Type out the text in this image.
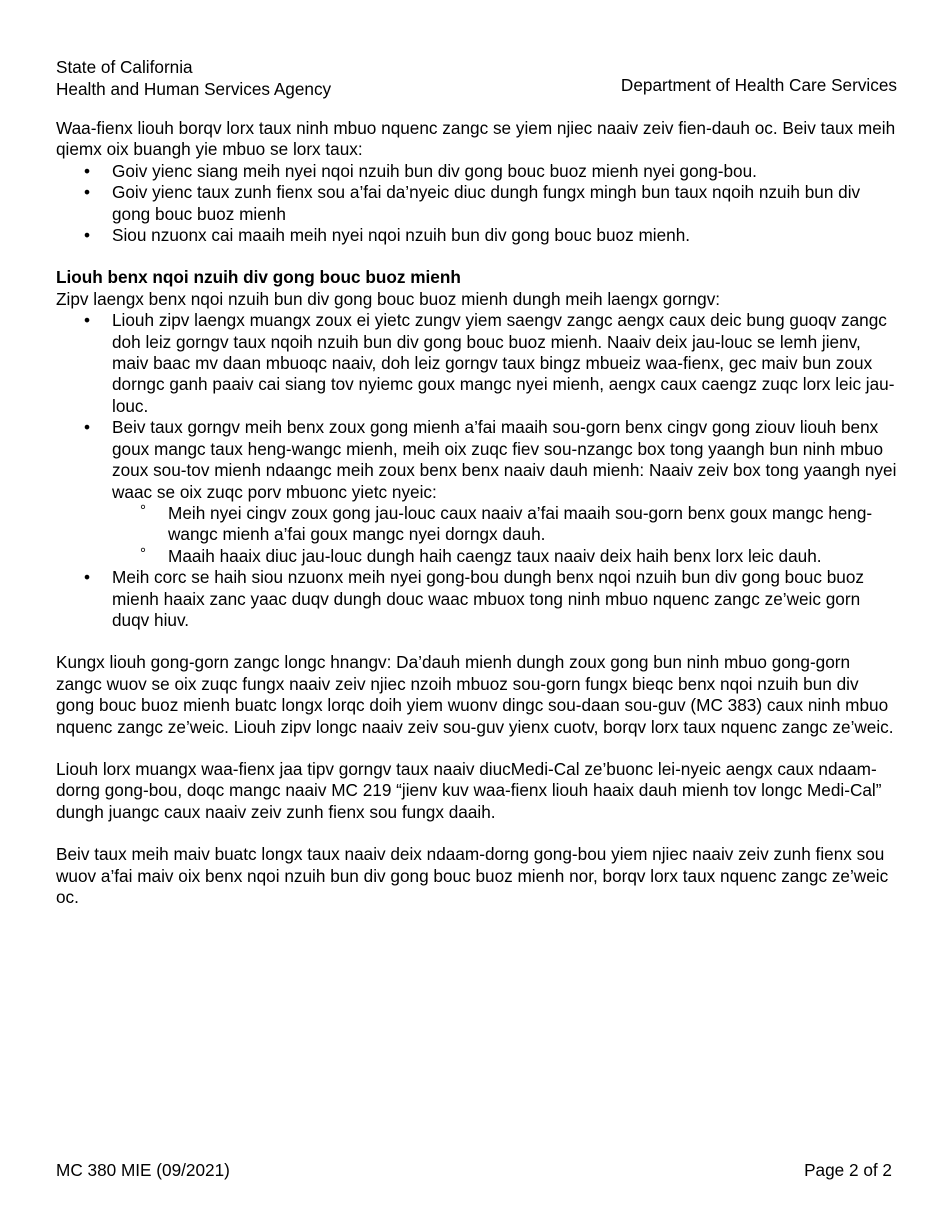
State of California
Health and Human Services Agency	Department of Health Care Services

Waa-fienx liouh borqv lorx taux ninh mbuo nquenc zangc se yiem njiec naaiv zeiv fien-dauh oc. Beiv taux meih qiemx oix buangh yie mbuo se lorx taux:

• Goiv yienc siang meih nyei nqoi nzuih bun div gong bouc buoz mienh nyei gong-bou.
• Goiv yienc taux zunh fienx sou a’fai da’nyeic diuc dungh fungx mingh bun taux nqoih nzuih bun div gong bouc buoz mienh
• Siou nzuonx cai maaih meih nyei nqoi nzuih bun div gong bouc buoz mienh.

Liouh benx nqoi nzuih div gong bouc buoz mienh

Zipv laengx benx nqoi nzuih bun div gong bouc buoz mienh dungh meih laengx gorngv:

• Liouh zipv laengx muangx zoux ei yietc zungv yiem saengv zangc aengx caux deic bung guoqv zangc doh leiz gorngv taux nqoih nzuih bun div gong bouc buoz mienh. Naaiv deix jau-louc se lemh jienv, maiv baac mv daan mbuoqc naaiv, doh leiz gorngv taux bingz mbueiz waa-fienx, gec maiv bun zoux dorngc ganh paaiv cai siang tov nyiemc goux mangc nyei mienh, aengx caux caengz zuqc lorx leic jau-louc.
• Beiv taux gorngv meih benx zoux gong mienh a’fai maaih sou-gorn benx cingv gong ziouv liouh benx goux mangc taux heng-wangc mienh, meih oix zuqc fiev sou-nzangc box tong yaangh bun ninh mbuo zoux sou-tov mienh ndaangc meih zoux benx benx naaiv dauh mienh: Naaiv zeiv box tong yaangh nyei waac se oix zuqc porv mbuonc yietc nyeic:
° Meih nyei cingv zoux gong jau-louc caux naaiv a’fai maaih sou-gorn benx goux mangc heng-wangc mienh a’fai goux mangc nyei dorngx dauh.
° Maaih haaix diuc jau-louc dungh haih caengz taux naaiv deix haih benx lorx leic dauh.
• Meih corc se haih siou nzuonx meih nyei gong-bou dungh benx nqoi nzuih bun div gong bouc buoz mienh haaix zanc yaac duqv dungh douc waac mbuox tong ninh mbuo nquenc zangc ze’weic gorn duqv hiuv.

Kungx liouh gong-gorn zangc longc hnangv: Da’dauh mienh dungh zoux gong bun ninh mbuo gong-gorn zangc wuov se oix zuqc fungx naaiv zeiv njiec nzoih mbuoz sou-gorn fungx bieqc benx nqoi nzuih bun div gong bouc buoz mienh buatc longx lorqc doih yiem wuonv dingc sou-daan sou-guv (MC 383) caux ninh mbuo nquenc zangc ze’weic. Liouh zipv longc naaiv zeiv sou-guv yienx cuotv, borqv lorx taux nquenc zangc ze’weic.

Liouh lorx muangx waa-fienx jaa tipv gorngv taux naaiv diucMedi-Cal ze’buonc lei-nyeic aengx caux ndaam-dorng gong-bou, doqc mangc naaiv MC 219 “jienv kuv waa-fienx liouh haaix dauh mienh tov longc Medi-Cal” dungh juangc caux naaiv zeiv zunh fienx sou fungx daaih.

Beiv taux meih maiv buatc longx taux naaiv deix ndaam-dorng gong-bou yiem njiec naaiv zeiv zunh fienx sou wuov a’fai maiv oix benx nqoi nzuih bun div gong bouc buoz mienh nor, borqv lorx taux nquenc zangc ze’weic oc.

MC 380 MIE (09/2021)	Page 2 of 2
